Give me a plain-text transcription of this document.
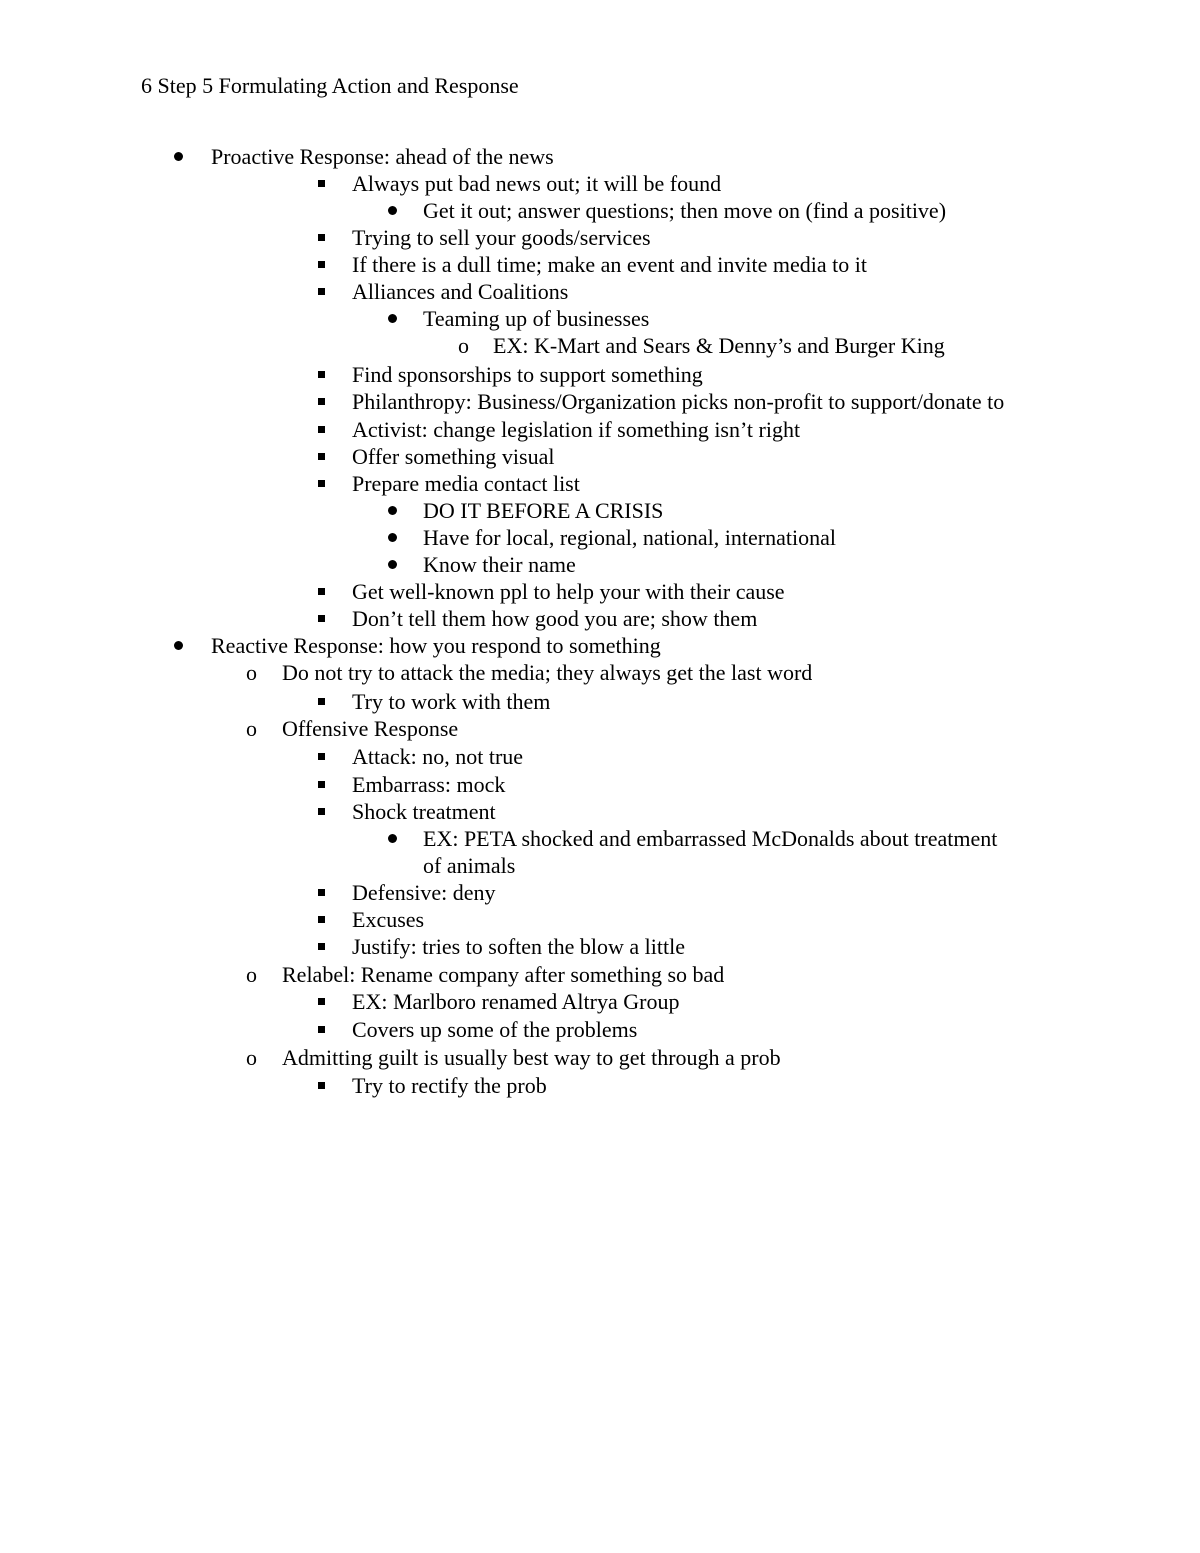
6 Step 5 Formulating Action and Response
Proactive Response: ahead of the news
Always put bad news out; it will be found
Get it out; answer questions; then move on (find a positive)
Trying to sell your goods/services
If there is a dull time; make an event and invite media to it
Alliances and Coalitions
Teaming up of businesses
o
EX: K-Mart and Sears & Denny’s and Burger King
Find sponsorships to support something
Philanthropy: Business/Organization picks non-profit to support/donate to
Activist: change legislation if something isn’t right
Offer something visual
Prepare media contact list
DO IT BEFORE A CRISIS
Have for local, regional, national, international
Know their name
Get well-known ppl to help your with their cause
Don’t tell them how good you are; show them
Reactive Response: how you respond to something
o
Do not try to attack the media; they always get the last word
Try to work with them
o
Offensive Response
Attack: no, not true
Embarrass: mock
Shock treatment
EX: PETA shocked and embarrassed McDonalds about treatment
of animals
Defensive: deny
Excuses
Justify: tries to soften the blow a little
o
Relabel: Rename company after something so bad
EX: Marlboro renamed Altrya Group
Covers up some of the problems
o
Admitting guilt is usually best way to get through a prob
Try to rectify the prob
